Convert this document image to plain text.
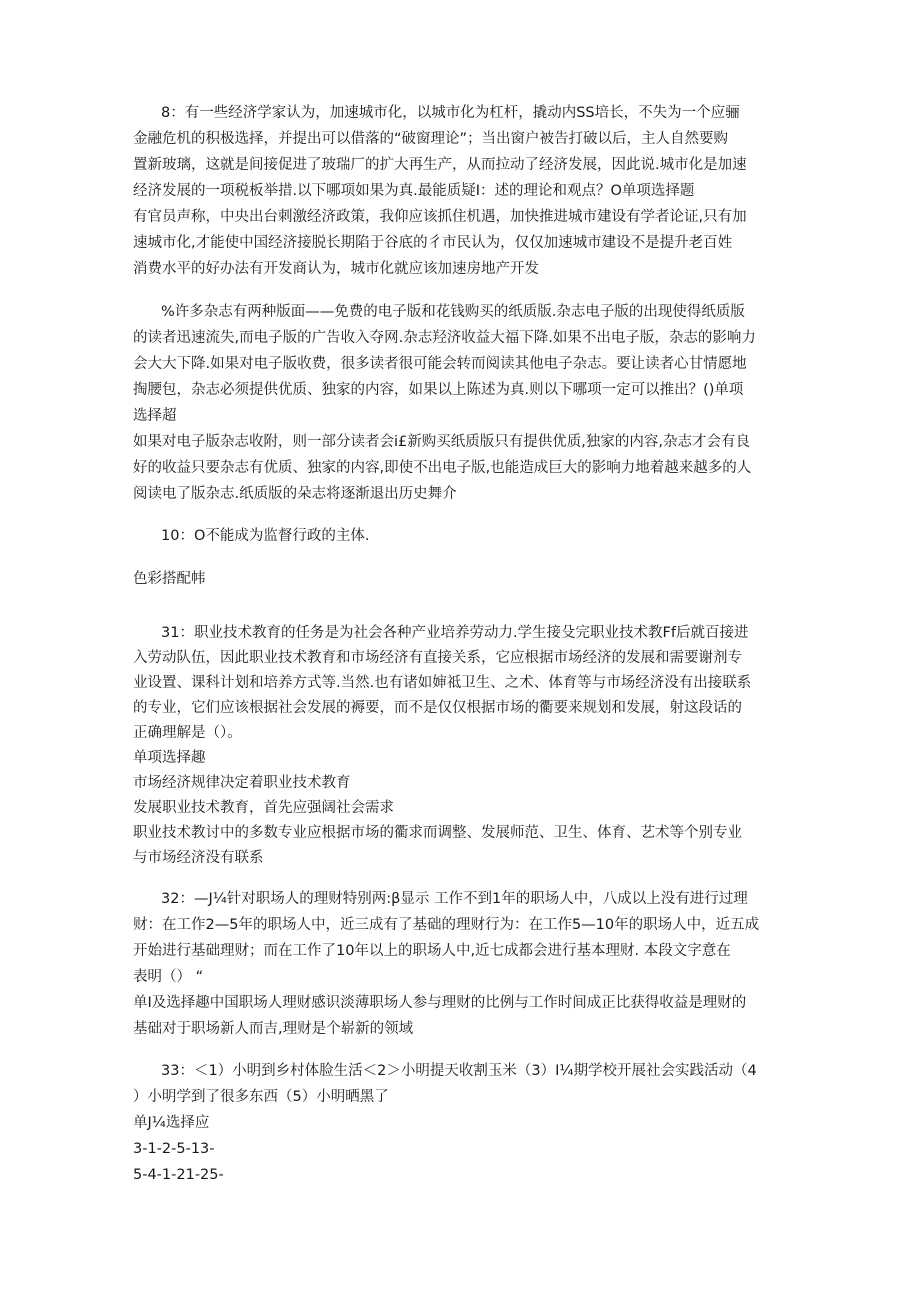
8：有一些经济学家认为，加速城市化，以城市化为杠杆，撬动内SS培长，不失为一个应骊
金融危机的积极选择，并提出可以借落的“破窗理论”；当出窗户被告打破以后，主人自然要购
置新玻璃，这就是间接促进了玻瑞厂的扩大再生产，从而拉动了经济发展，因此说.城市化是加速
经济发展的一项税板举措.以下哪项如果为真.最能质疑I：述的理论和观点？O单项选择题
有官员声称，中央出台刺激经济政策，我仰应该抓住机遇，加快推进城市建设有学者论证,只有加
速城市化,才能使中国经济接脱长期陷于谷底的彳市民认为，仅仅加速城市建设不是提升老百姓
消费水平的好办法有开发商认为，城市化就应该加速房地产开发
%许多杂志有两种版面——免费的电子版和花钱购买的纸质版.杂志电子版的出现使得纸质版
的读者迅速流失,而电子版的广告收入夺网.杂志羟济收益大福下降.如果不出电子版，杂志的影响力
会大大下降.如果对电子版收费，很多读者很可能会转而阅读其他电子杂志。要让读者心甘情愿地
掏腰包，杂志必须提供优质、独家的内容，如果以上陈述为真.则以下哪项一定可以推出？()单项
选择超
如果对电子版杂志收附，则一部分读者会i£新购买纸质版只有提供优质,独家的内容,杂志才会有良
好的收益只要杂志有优质、独家的内容,即使不出电子版,也能造成巨大的影响力地着越来越多的人
阅读电了版杂志.纸质版的朵志将逐渐退出历史舞介
10：O不能成为监督行政的主体.
色彩搭配帏
31：职业技术教育的任务是为社会各种产业培养劳动力.学生接殳完职业技术教Ff后就百接进
入劳动队伍，因此职业技术教育和市场经济有直接关系，它应根据市场经济的发展和需要谢剂专
业设置、课科计划和培养方式等.当然.也有诸如婶祗卫生、之术、体育等与市场经济没有出接联系
的专业，它们应该根据社会发展的褥要，而不是仅仅根据市场的衢要来规划和发展，射这段话的
正确理解是（）。
单项选择趣
市场经济规律决定着职业技术教育
发展职业技术教育，首先应强阔社会需求
职业技术教讨中的多数专业应根据市场的衢求而调整、发展师范、卫生、体育、艺术等个别专业
与市场经济没有联系
32：—J¼针对职场人的理财特别两:β显示 工作不到1年的职场人中，八成以上没有进行过理
财：在工作2—5年的职场人中，近三成有了基础的理财行为：在工作5—10年的职场人中，近五成
开始进行基础理财；而在工作了10年以上的职场人中,近七成都会进行基本理财. 本段文字意在
表明（） “
单I及选择趣中国职场人理财感识淡薄职场人参与理财的比例与工作时间成正比获得收益是理财的
基础对于职场新人而吉,理财是个崭新的领域
33：＜1）小明到乡村体脸生活＜2＞小明提天收割玉米（3）I¼期学校开展社会实践活动（4
）小明学到了很多东西（5）小明晒黑了
单J¼选择应
3-1-2-5-13-
5-4-1-21-25-
